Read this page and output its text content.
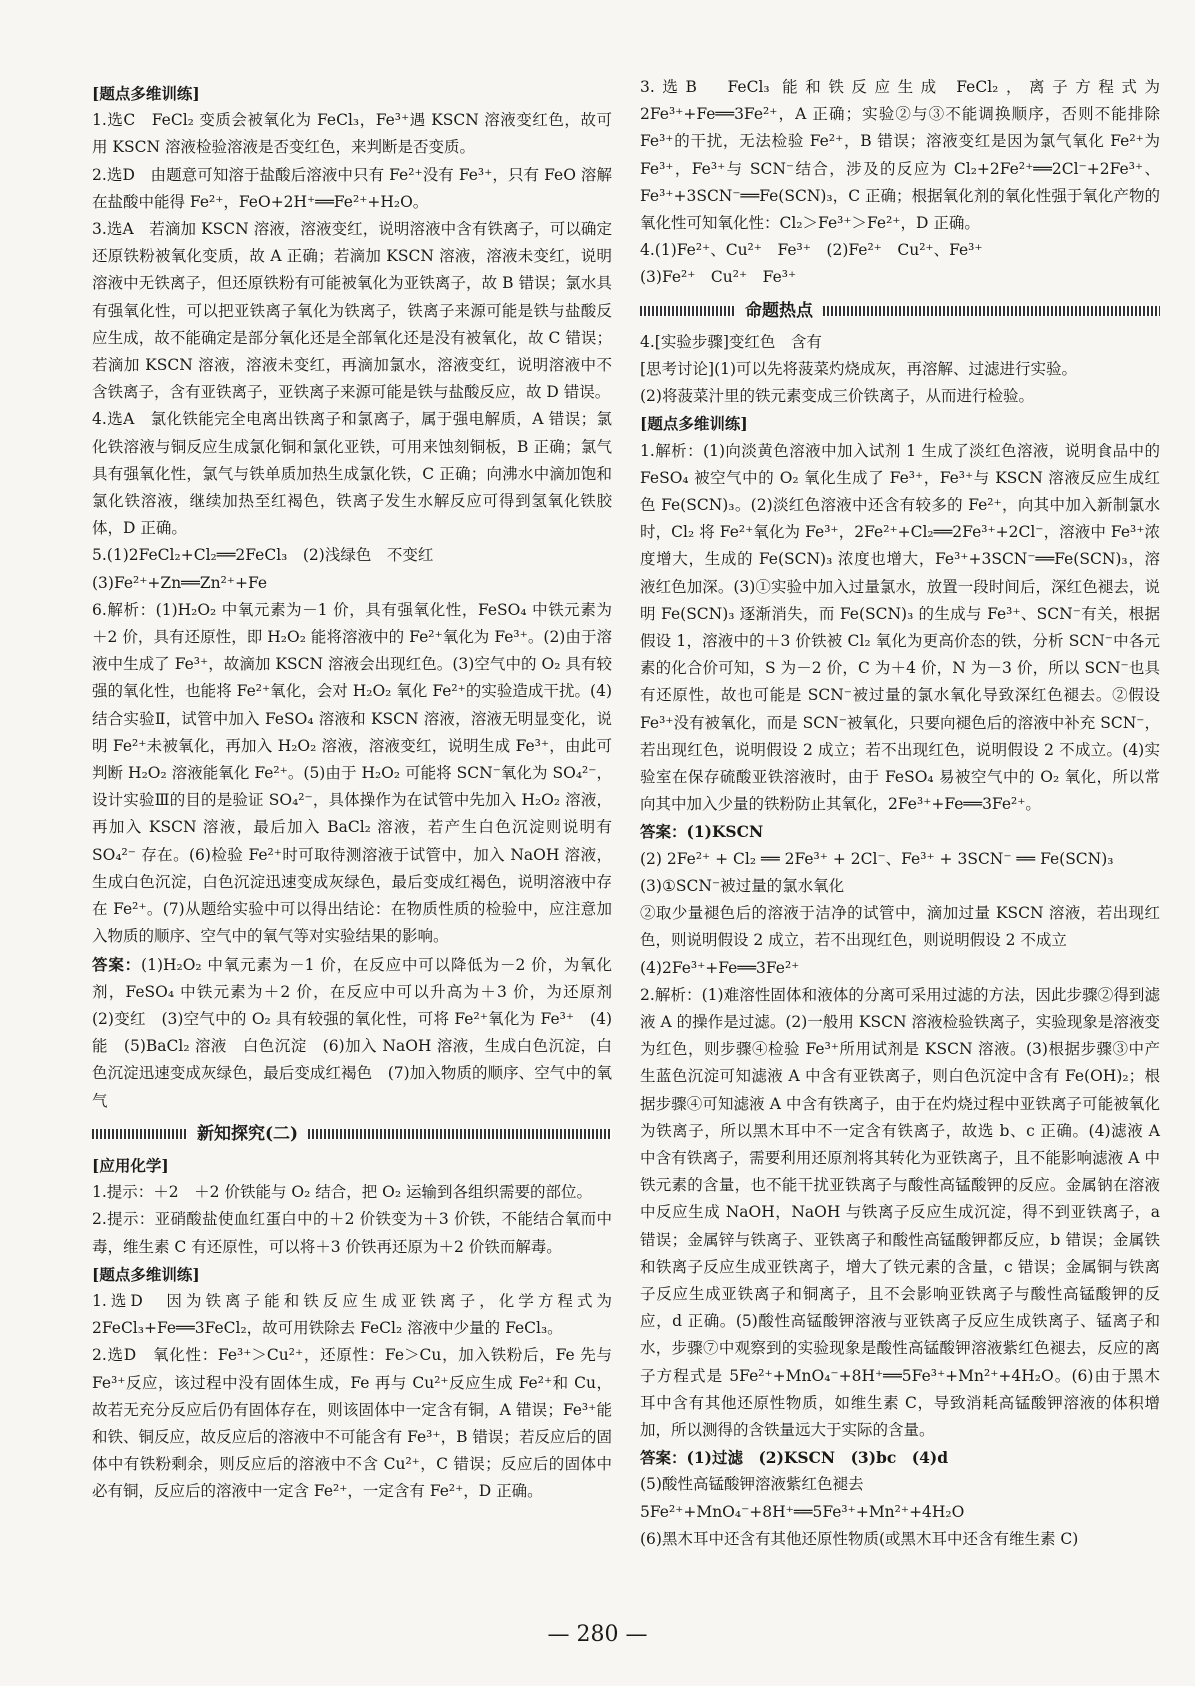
[题点多维训练]

1.选C　FeCl₂ 变质会被氧化为 FeCl₃，Fe³⁺遇 KSCN 溶液变红色，故可用 KSCN 溶液检验溶液是否变红色，来判断是否变质。

2.选D　由题意可知溶于盐酸后溶液中只有 Fe²⁺没有 Fe³⁺，只有 FeO 溶解在盐酸中能得 Fe²⁺，FeO+2H⁺══Fe²⁺+H₂O。

3.选A　若滴加 KSCN 溶液，溶液变红，说明溶液中含有铁离子，可以确定还原铁粉被氧化变质，故 A 正确；若滴加 KSCN 溶液，溶液未变红，说明溶液中无铁离子，但还原铁粉有可能被氧化为亚铁离子，故 B 错误；氯水具有强氧化性，可以把亚铁离子氧化为铁离子，铁离子来源可能是铁与盐酸反应生成，故不能确定是部分氧化还是全部氧化还是没有被氧化，故 C 错误；若滴加 KSCN 溶液，溶液未变红，再滴加氯水，溶液变红，说明溶液中不含铁离子，含有亚铁离子，亚铁离子来源可能是铁与盐酸反应，故 D 错误。

4.选A　氯化铁能完全电离出铁离子和氯离子，属于强电解质，A 错误；氯化铁溶液与铜反应生成氯化铜和氯化亚铁，可用来蚀刻铜板，B 正确；氯气具有强氧化性，氯气与铁单质加热生成氯化铁，C 正确；向沸水中滴加饱和氯化铁溶液，继续加热至红褐色，铁离子发生水解反应可得到氢氧化铁胶体，D 正确。

5.(1)2FeCl₂+Cl₂══2FeCl₃　(2)浅绿色　不变红

(3)Fe²⁺+Zn══Zn²⁺+Fe

6.解析：(1)H₂O₂ 中氧元素为－1 价，具有强氧化性，FeSO₄ 中铁元素为＋2 价，具有还原性，即 H₂O₂ 能将溶液中的 Fe²⁺氧化为 Fe³⁺。(2)由于溶液中生成了 Fe³⁺，故滴加 KSCN 溶液会出现红色。(3)空气中的 O₂ 具有较强的氧化性，也能将 Fe²⁺氧化，会对 H₂O₂ 氧化 Fe²⁺的实验造成干扰。(4)结合实验Ⅱ，试管中加入 FeSO₄ 溶液和 KSCN 溶液，溶液无明显变化，说明 Fe²⁺未被氧化，再加入 H₂O₂ 溶液，溶液变红，说明生成 Fe³⁺，由此可判断 H₂O₂ 溶液能氧化 Fe²⁺。(5)由于 H₂O₂ 可能将 SCN⁻氧化为 SO₄²⁻，设计实验Ⅲ的目的是验证 SO₄²⁻，具体操作为在试管中先加入 H₂O₂ 溶液，再加入 KSCN 溶液，最后加入 BaCl₂ 溶液，若产生白色沉淀则说明有 SO₄²⁻ 存在。(6)检验 Fe²⁺时可取待测溶液于试管中，加入 NaOH 溶液，生成白色沉淀，白色沉淀迅速变成灰绿色，最后变成红褐色，说明溶液中存在 Fe²⁺。(7)从题给实验中可以得出结论：在物质性质的检验中，应注意加入物质的顺序、空气中的氧气等对实验结果的影响。

答案：(1)H₂O₂ 中氧元素为－1 价，在反应中可以降低为－2 价，为氧化剂，FeSO₄ 中铁元素为＋2 价，在反应中可以升高为＋3 价，为还原剂　(2)变红　(3)空气中的 O₂ 具有较强的氧化性，可将 Fe²⁺氧化为 Fe³⁺　(4)能　(5)BaCl₂ 溶液　白色沉淀　(6)加入 NaOH 溶液，生成白色沉淀，白色沉淀迅速变成灰绿色，最后变成红褐色　(7)加入物质的顺序、空气中的氧气

新知探究(二)

[应用化学]

1.提示：＋2　＋2 价铁能与 O₂ 结合，把 O₂ 运输到各组织需要的部位。

2.提示：亚硝酸盐使血红蛋白中的＋2 价铁变为＋3 价铁，不能结合氧而中毒，维生素 C 有还原性，可以将＋3 价铁再还原为＋2 价铁而解毒。

[题点多维训练]

1.选D　因为铁离子能和铁反应生成亚铁离子，化学方程式为 2FeCl₃+Fe══3FeCl₂，故可用铁除去 FeCl₂ 溶液中少量的 FeCl₃。

2.选D　氧化性：Fe³⁺＞Cu²⁺，还原性：Fe＞Cu，加入铁粉后，Fe 先与 Fe³⁺反应，该过程中没有固体生成，Fe 再与 Cu²⁺反应生成 Fe²⁺和 Cu，故若无充分反应后仍有固体存在，则该固体中一定含有铜，A 错误；Fe³⁺能和铁、铜反应，故反应后的溶液中不可能含有 Fe³⁺，B 错误；若反应后的固体中有铁粉剩余，则反应后的溶液中不含 Cu²⁺，C 错误；反应后的固体中必有铜，反应后的溶液中一定含 Fe²⁺，一定含有 Fe²⁺，D 正确。

3.选B　FeCl₃ 能和铁反应生成 FeCl₂，离子方程式为 2Fe³⁺+Fe══3Fe²⁺，A 正确；实验②与③不能调换顺序，否则不能排除 Fe³⁺的干扰，无法检验 Fe²⁺，B 错误；溶液变红是因为氯气氧化 Fe²⁺为 Fe³⁺，Fe³⁺与 SCN⁻结合，涉及的反应为 Cl₂+2Fe²⁺══2Cl⁻+2Fe³⁺、Fe³⁺+3SCN⁻══Fe(SCN)₃，C 正确；根据氧化剂的氧化性强于氧化产物的氧化性可知氧化性：Cl₂＞Fe³⁺＞Fe²⁺，D 正确。

4.(1)Fe²⁺、Cu²⁺　Fe³⁺　(2)Fe²⁺　Cu²⁺、Fe³⁺

(3)Fe²⁺　Cu²⁺　Fe³⁺

命题热点

4.[实验步骤]变红色　含有

[思考讨论](1)可以先将菠菜灼烧成灰，再溶解、过滤进行实验。

(2)将菠菜汁里的铁元素变成三价铁离子，从而进行检验。

[题点多维训练]

1.解析：(1)向淡黄色溶液中加入试剂 1 生成了淡红色溶液，说明食品中的 FeSO₄ 被空气中的 O₂ 氧化生成了 Fe³⁺，Fe³⁺与 KSCN 溶液反应生成红色 Fe(SCN)₃。(2)淡红色溶液中还含有较多的 Fe²⁺，向其中加入新制氯水时，Cl₂ 将 Fe²⁺氧化为 Fe³⁺，2Fe²⁺+Cl₂══2Fe³⁺+2Cl⁻，溶液中 Fe³⁺浓度增大，生成的 Fe(SCN)₃ 浓度也增大，Fe³⁺+3SCN⁻══Fe(SCN)₃，溶液红色加深。(3)①实验中加入过量氯水，放置一段时间后，深红色褪去，说明 Fe(SCN)₃ 逐渐消失，而 Fe(SCN)₃ 的生成与 Fe³⁺、SCN⁻有关，根据假设 1，溶液中的＋3 价铁被 Cl₂ 氧化为更高价态的铁，分析 SCN⁻中各元素的化合价可知，S 为－2 价，C 为＋4 价，N 为－3 价，所以 SCN⁻也具有还原性，故也可能是 SCN⁻被过量的氯水氧化导致深红色褪去。②假设 Fe³⁺没有被氧化，而是 SCN⁻被氧化，只要向褪色后的溶液中补充 SCN⁻，若出现红色，说明假设 2 成立；若不出现红色，说明假设 2 不成立。(4)实验室在保存硫酸亚铁溶液时，由于 FeSO₄ 易被空气中的 O₂ 氧化，所以常向其中加入少量的铁粉防止其氧化，2Fe³⁺+Fe══3Fe²⁺。

答案：(1)KSCN

(2) 2Fe²⁺ + Cl₂ ══ 2Fe³⁺ + 2Cl⁻、Fe³⁺ + 3SCN⁻ ══ Fe(SCN)₃

(3)①SCN⁻被过量的氯水氧化

②取少量褪色后的溶液于洁净的试管中，滴加过量 KSCN 溶液，若出现红色，则说明假设 2 成立，若不出现红色，则说明假设 2 不成立

(4)2Fe³⁺+Fe══3Fe²⁺

2.解析：(1)难溶性固体和液体的分离可采用过滤的方法，因此步骤②得到滤液 A 的操作是过滤。(2)一般用 KSCN 溶液检验铁离子，实验现象是溶液变为红色，则步骤④检验 Fe³⁺所用试剂是 KSCN 溶液。(3)根据步骤③中产生蓝色沉淀可知滤液 A 中含有亚铁离子，则白色沉淀中含有 Fe(OH)₂；根据步骤④可知滤液 A 中含有铁离子，由于在灼烧过程中亚铁离子可能被氧化为铁离子，所以黑木耳中不一定含有铁离子，故选 b、c 正确。(4)滤液 A 中含有铁离子，需要利用还原剂将其转化为亚铁离子，且不能影响滤液 A 中铁元素的含量，也不能干扰亚铁离子与酸性高锰酸钾的反应。金属钠在溶液中反应生成 NaOH，NaOH 与铁离子反应生成沉淀，得不到亚铁离子，a 错误；金属锌与铁离子、亚铁离子和酸性高锰酸钾都反应，b 错误；金属铁和铁离子反应生成亚铁离子，增大了铁元素的含量，c 错误；金属铜与铁离子反应生成亚铁离子和铜离子，且不会影响亚铁离子与酸性高锰酸钾的反应，d 正确。(5)酸性高锰酸钾溶液与亚铁离子反应生成铁离子、锰离子和水，步骤⑦中观察到的实验现象是酸性高锰酸钾溶液紫红色褪去，反应的离子方程式是 5Fe²⁺+MnO₄⁻+8H⁺══5Fe³⁺+Mn²⁺+4H₂O。(6)由于黑木耳中含有其他还原性物质，如维生素 C，导致消耗高锰酸钾溶液的体积增加，所以测得的含铁量远大于实际的含量。

答案：(1)过滤　(2)KSCN　(3)bc　(4)d

(5)酸性高锰酸钾溶液紫红色褪去

5Fe²⁺+MnO₄⁻+8H⁺══5Fe³⁺+Mn²⁺+4H₂O

(6)黑木耳中还含有其他还原性物质(或黑木耳中还含有维生素 C)

— 280 —
